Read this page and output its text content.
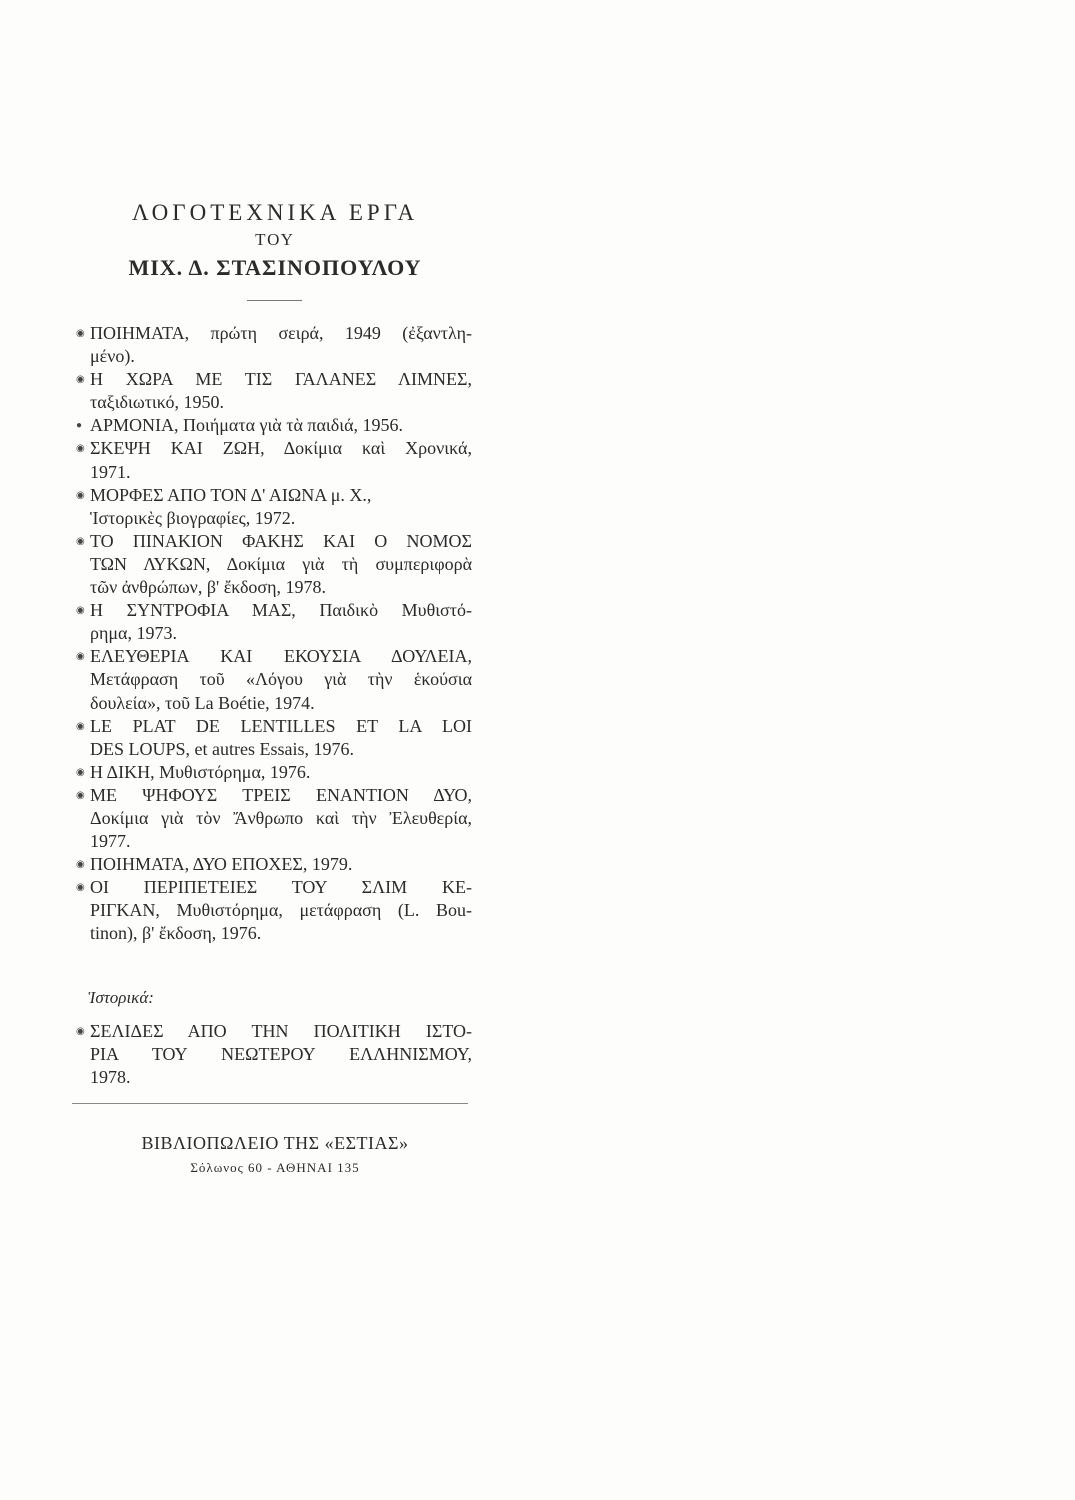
ΛΟΓΟΤΕΧΝΙΚΑ ΕΡΓΑ
ΤΟΥ
ΜΙΧ. Δ. ΣΤΑΣΙΝΟΠΟΥΛΟΥ
◉ ΠΟΙΗΜΑΤΑ, πρώτη σειρά, 1949 (ἐξαντλη-
μένο).
◉ Η ΧΩΡΑ ΜΕ ΤΙΣ ΓΑΛΑΝΕΣ ΛΙΜΝΕΣ,
ταξιδιωτικό, 1950.
● ΑΡΜΟΝΙΑ, Ποιήματα γιὰ τὰ παιδιά, 1956.
◉ ΣΚΕΨΗ ΚΑΙ ΖΩΗ, Δοκίμια καὶ Χρονικά,
1971.
◉ ΜΟΡΦΕΣ ΑΠΟ ΤΟΝ Δ' ΑΙΩΝΑ μ. Χ.,
Ἱστορικὲς βιογραφίες, 1972.
◉ ΤΟ ΠΙΝΑΚΙΟΝ ΦΑΚΗΣ ΚΑΙ Ο ΝΟΜΟΣ
ΤΩΝ ΛΥΚΩΝ, Δοκίμια γιὰ τὴ συμπεριφορὰ
τῶν ἀνθρώπων, β' ἔκδοση, 1978.
◉ Η ΣΥΝΤΡΟΦΙΑ ΜΑΣ, Παιδικὸ Μυθιστό-
ρημα, 1973.
◉ ΕΛΕΥΘΕΡΙΑ ΚΑΙ ΕΚΟΥΣΙΑ ΔΟΥΛΕΙΑ,
Μετάφραση τοῦ «Λόγου γιὰ τὴν ἑκούσια
δουλεία», τοῦ La Boétie, 1974.
◉ LE PLAT DE LENTILLES ET LA LOI
DES LOUPS, et autres Essais, 1976.
◉ Η ΔΙΚΗ, Μυθιστόρημα, 1976.
◉ ΜΕ ΨΗΦΟΥΣ ΤΡΕΙΣ ΕΝΑΝΤΙΟΝ ΔΥΟ,
Δοκίμια γιὰ τὸν Ἄνθρωπο καὶ τὴν Ἐλευθερία,
1977.
◉ ΠΟΙΗΜΑΤΑ, ΔΥΟ ΕΠΟΧΕΣ, 1979.
◉ ΟΙ ΠΕΡΙΠΕΤΕΙΕΣ ΤΟΥ ΣΛΙΜ ΚΕ-
ΡΙΓΚΑΝ, Μυθιστόρημα, μετάφραση (L. Bou-
tinon), β' ἔκδοση, 1976.
Ἱστορικά:
◉ ΣΕΛΙΔΕΣ ΑΠΟ ΤΗΝ ΠΟΛΙΤΙΚΗ ΙΣΤΟ-
ΡΙΑ ΤΟΥ ΝΕΩΤΕΡΟΥ ΕΛΛΗΝΙΣΜΟΥ,
1978.
ΒΙΒΛΙΟΠΩΛΕΙΟ ΤΗΣ «ΕΣΤΙΑΣ»
Σόλωνος 60 - ΑΘΗΝΑΙ 135
